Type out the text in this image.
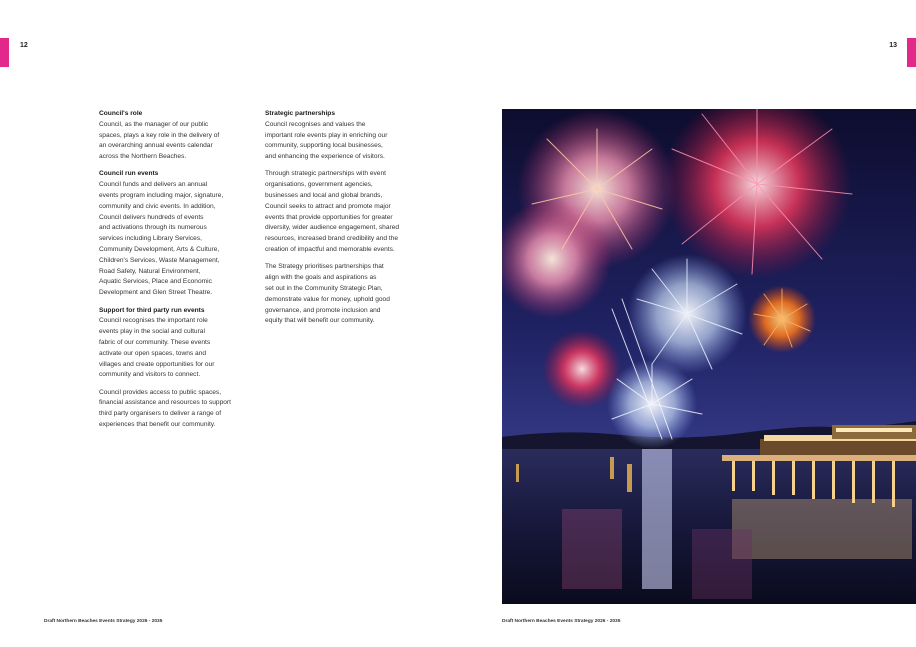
12	13
Council's role

Council, as the manager of our public
spaces, plays a key role in the delivery of
an overarching annual events calendar
across the Northern Beaches.

Council run events

Council funds and delivers an annual
events program including major, signature,
community and civic events. In addition,
Council delivers hundreds of events
and activations through its numerous
services including Library Services,
Community Development, Arts & Culture,
Children's Services, Waste Management,
Road Safety, Natural Environment,
Aquatic Services, Place and Economic
Development and Glen Street Theatre.

Support for third party run events

Council recognises the important role
events play in the social and cultural
fabric of our community. These events
activate our open spaces, towns and
villages and create opportunities for our
community and visitors to connect.

Council provides access to public spaces,
financial assistance and resources to support
third party organisers to deliver a range of
experiences that benefit our community.

Strategic partnerships

Council recognises and values the
important role events play in enriching our
community, supporting local businesses,
and enhancing the experience of visitors.

Through strategic partnerships with event
organisations, government agencies,
businesses and local and global brands,
Council seeks to attract and promote major
events that provide opportunities for greater
diversity, wider audience engagement, shared
resources, increased brand credibility and the
creation of impactful and memorable events.

The Strategy prioritises partnerships that
align with the goals and aspirations as
set out in the Community Strategic Plan,
demonstrate value for money, uphold good
governance, and promote inclusion and
equity that will benefit our community.

Draft Northern Beaches Events Strategy 2026 - 2035	Draft Northern Beaches Events Strategy 2026 - 2035
